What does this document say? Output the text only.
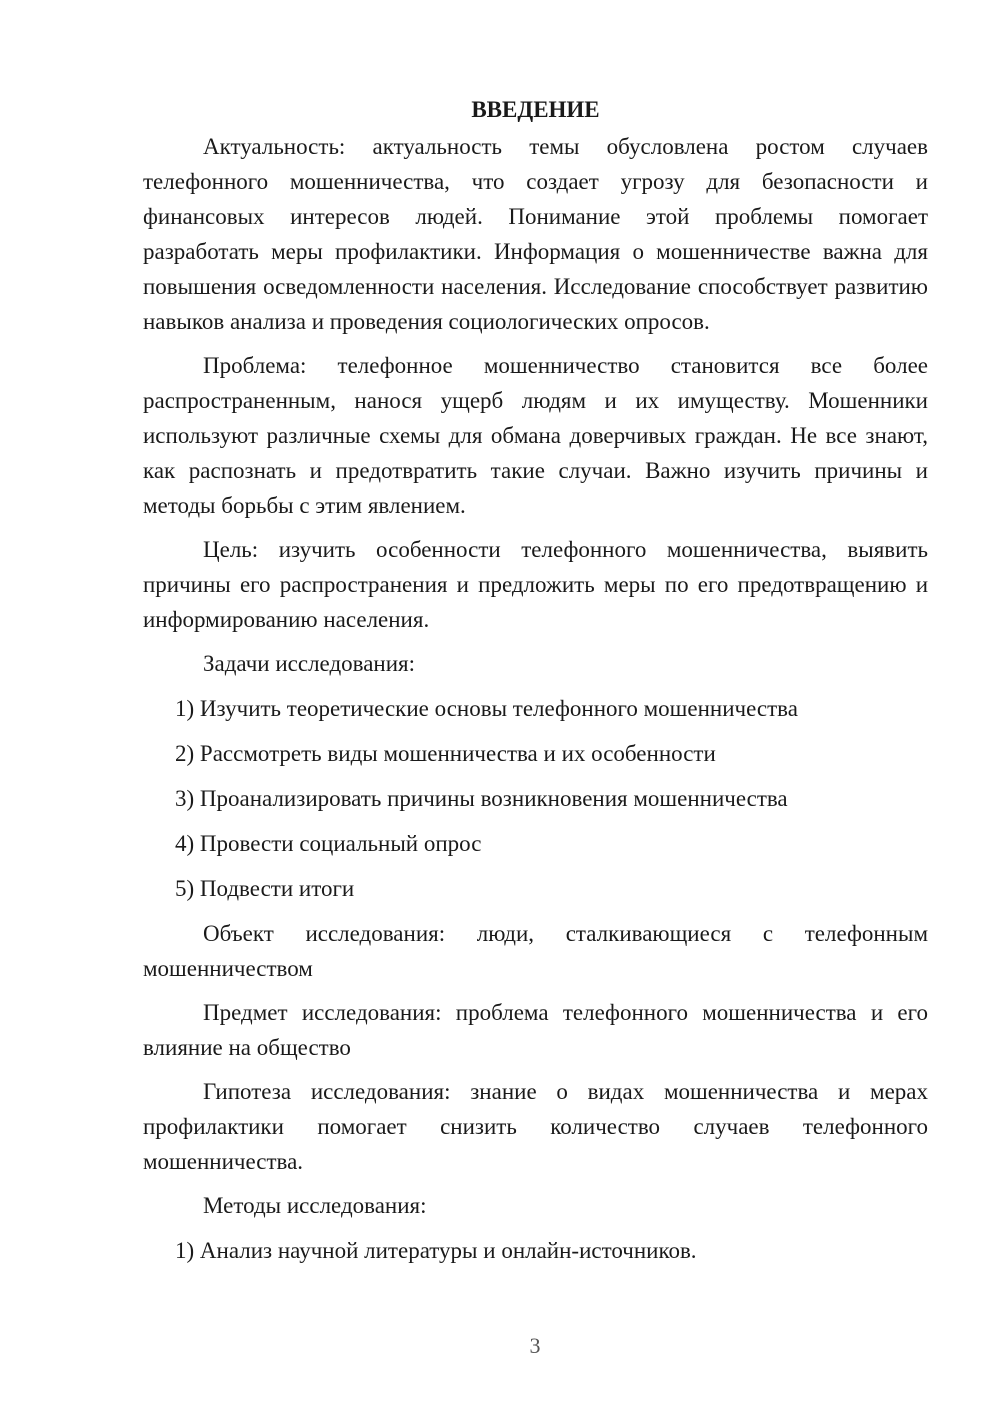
ВВЕДЕНИЕ

Актуальность: актуальность темы обусловлена ростом случаев телефонного мошенничества, что создает угрозу для безопасности и финансовых интересов людей. Понимание этой проблемы помогает разработать меры профилактики. Информация о мошенничестве важна для повышения осведомленности населения. Исследование способствует развитию навыков анализа и проведения социологических опросов.

Проблема: телефонное мошенничество становится все более распространенным, нанося ущерб людям и их имуществу. Мошенники используют различные схемы для обмана доверчивых граждан. Не все знают, как распознать и предотвратить такие случаи. Важно изучить причины и методы борьбы с этим явлением.

Цель: изучить особенности телефонного мошенничества, выявить причины его распространения и предложить меры по его предотвращению и информированию населения.

Задачи исследования:

1) Изучить теоретические основы телефонного мошенничества
2) Рассмотреть виды мошенничества и их особенности
3) Проанализировать причины возникновения мошенничества
4) Провести социальный опрос
5) Подвести итоги

Объект исследования: люди, сталкивающиеся с телефонным мошенничеством

Предмет исследования: проблема телефонного мошенничества и его влияние на общество

Гипотеза исследования: знание о видах мошенничества и мерах профилактики помогает снизить количество случаев телефонного мошенничества.

Методы исследования:

1) Анализ научной литературы и онлайн-источников.
3
